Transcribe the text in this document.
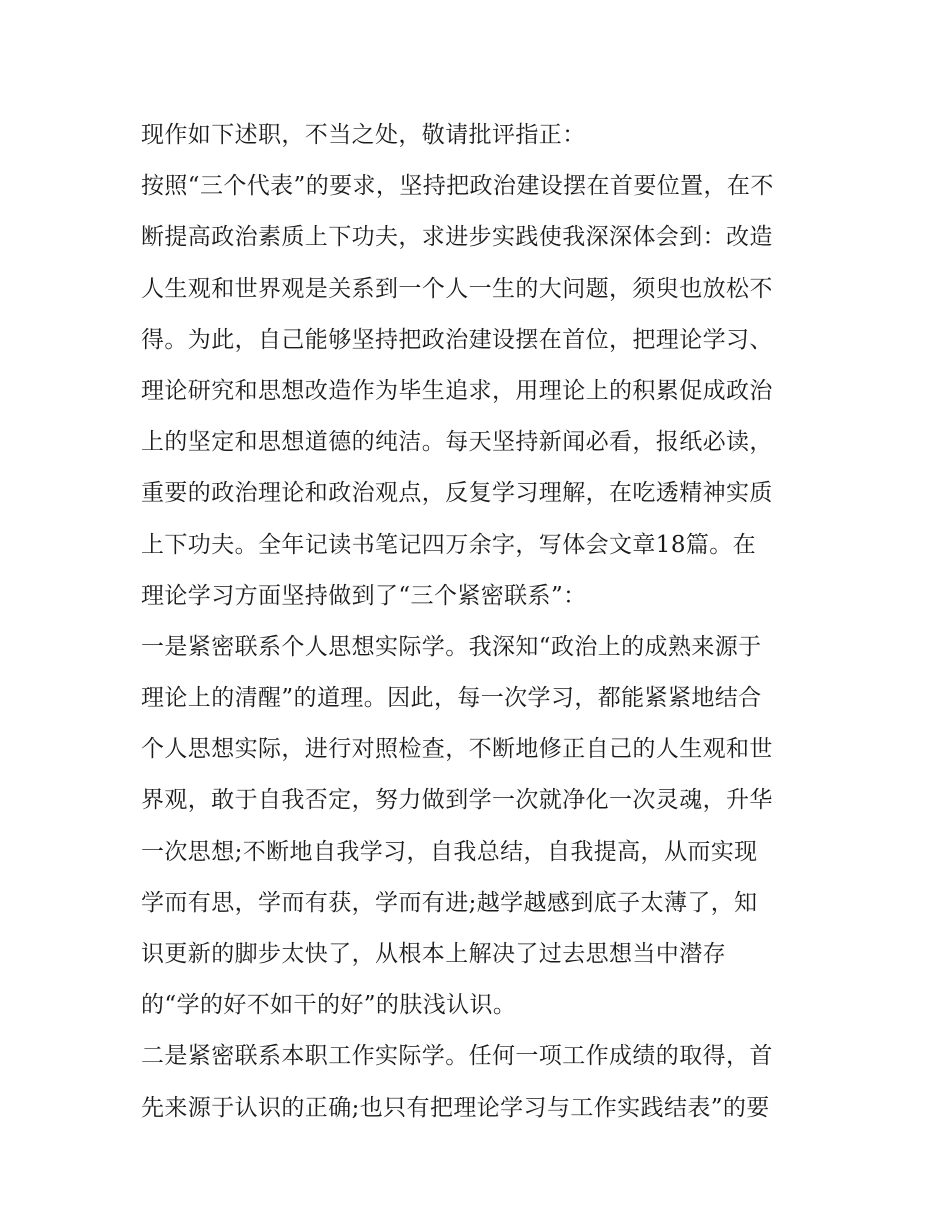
现作如下述职，不当之处，敬请批评指正：
按照“三个代表”的要求，坚持把政治建设摆在首要位置，在不
断提高政治素质上下功夫，求进步实践使我深深体会到：改造
人生观和世界观是关系到一个人一生的大问题，须臾也放松不
得。为此，自己能够坚持把政治建设摆在首位，把理论学习、
理论研究和思想改造作为毕生追求，用理论上的积累促成政治
上的坚定和思想道德的纯洁。每天坚持新闻必看，报纸必读，
重要的政治理论和政治观点，反复学习理解，在吃透精神实质
上下功夫。全年记读书笔记四万余字，写体会文章18篇。在
理论学习方面坚持做到了“三个紧密联系”：
一是紧密联系个人思想实际学。我深知“政治上的成熟来源于
理论上的清醒”的道理。因此，每一次学习，都能紧紧地结合
个人思想实际，进行对照检查，不断地修正自己的人生观和世
界观，敢于自我否定，努力做到学一次就净化一次灵魂，升华
一次思想;不断地自我学习，自我总结，自我提高，从而实现
学而有思，学而有获，学而有进;越学越感到底子太薄了，知
识更新的脚步太快了，从根本上解决了过去思想当中潜存
的“学的好不如干的好”的肤浅认识。
二是紧密联系本职工作实际学。任何一项工作成绩的取得，首
先来源于认识的正确;也只有把理论学习与工作实践结表”的要
